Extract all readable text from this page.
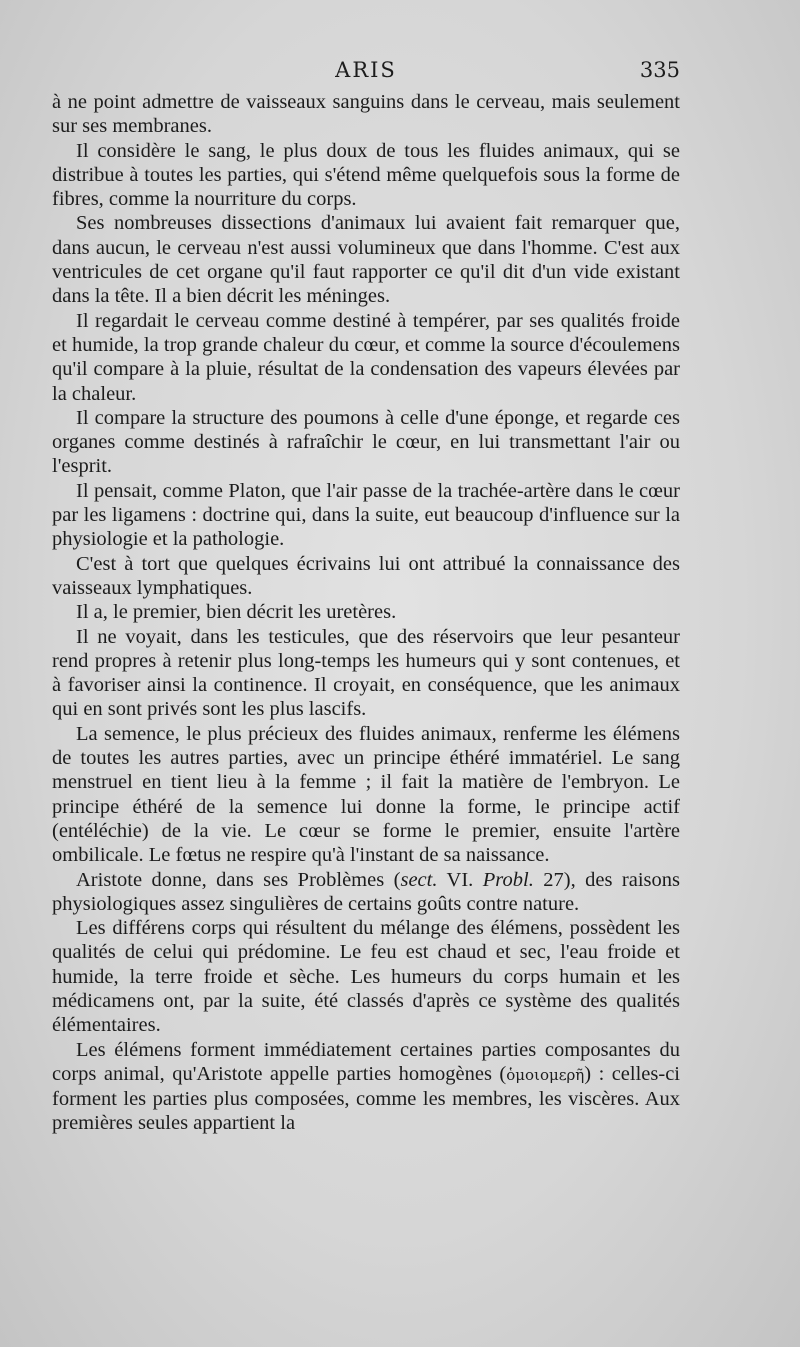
ARIS	335

à ne point admettre de vaisseaux sanguins dans le cerveau, mais seulement sur ses membranes.

Il considère le sang, le plus doux de tous les fluides animaux, qui se distribue à toutes les parties, qui s'étend même quelquefois sous la forme de fibres, comme la nourriture du corps.

Ses nombreuses dissections d'animaux lui avaient fait remarquer que, dans aucun, le cerveau n'est aussi volumineux que dans l'homme. C'est aux ventricules de cet organe qu'il faut rapporter ce qu'il dit d'un vide existant dans la tête. Il a bien décrit les méninges.

Il regardait le cerveau comme destiné à tempérer, par ses qualités froide et humide, la trop grande chaleur du cœur, et comme la source d'écoulemens qu'il compare à la pluie, résultat de la condensation des vapeurs élevées par la chaleur.

Il compare la structure des poumons à celle d'une éponge, et regarde ces organes comme destinés à rafraîchir le cœur, en lui transmettant l'air ou l'esprit.

Il pensait, comme Platon, que l'air passe de la trachée-artère dans le cœur par les ligamens : doctrine qui, dans la suite, eut beaucoup d'influence sur la physiologie et la pathologie.

C'est à tort que quelques écrivains lui ont attribué la connaissance des vaisseaux lymphatiques.

Il a, le premier, bien décrit les uretères.

Il ne voyait, dans les testicules, que des réservoirs que leur pesanteur rend propres à retenir plus long-temps les humeurs qui y sont contenues, et à favoriser ainsi la continence. Il croyait, en conséquence, que les animaux qui en sont privés sont les plus lascifs.

La semence, le plus précieux des fluides animaux, renferme les élémens de toutes les autres parties, avec un principe éthéré immatériel. Le sang menstruel en tient lieu à la femme ; il fait la matière de l'embryon. Le principe éthéré de la semence lui donne la forme, le principe actif (entéléchie) de la vie. Le cœur se forme le premier, ensuite l'artère ombilicale. Le fœtus ne respire qu'à l'instant de sa naissance.

Aristote donne, dans ses Problèmes (sect. VI. Probl. 27), des raisons physiologiques assez singulières de certains goûts contre nature.

Les différens corps qui résultent du mélange des élémens, possèdent les qualités de celui qui prédomine. Le feu est chaud et sec, l'eau froide et humide, la terre froide et sèche. Les humeurs du corps humain et les médicamens ont, par la suite, été classés d'après ce système des qualités élémentaires.

Les élémens forment immédiatement certaines parties composantes du corps animal, qu'Aristote appelle parties homogènes (ὁμοιομερῆ) : celles-ci forment les parties plus composées, comme les membres, les viscères. Aux premières seules appartient la
